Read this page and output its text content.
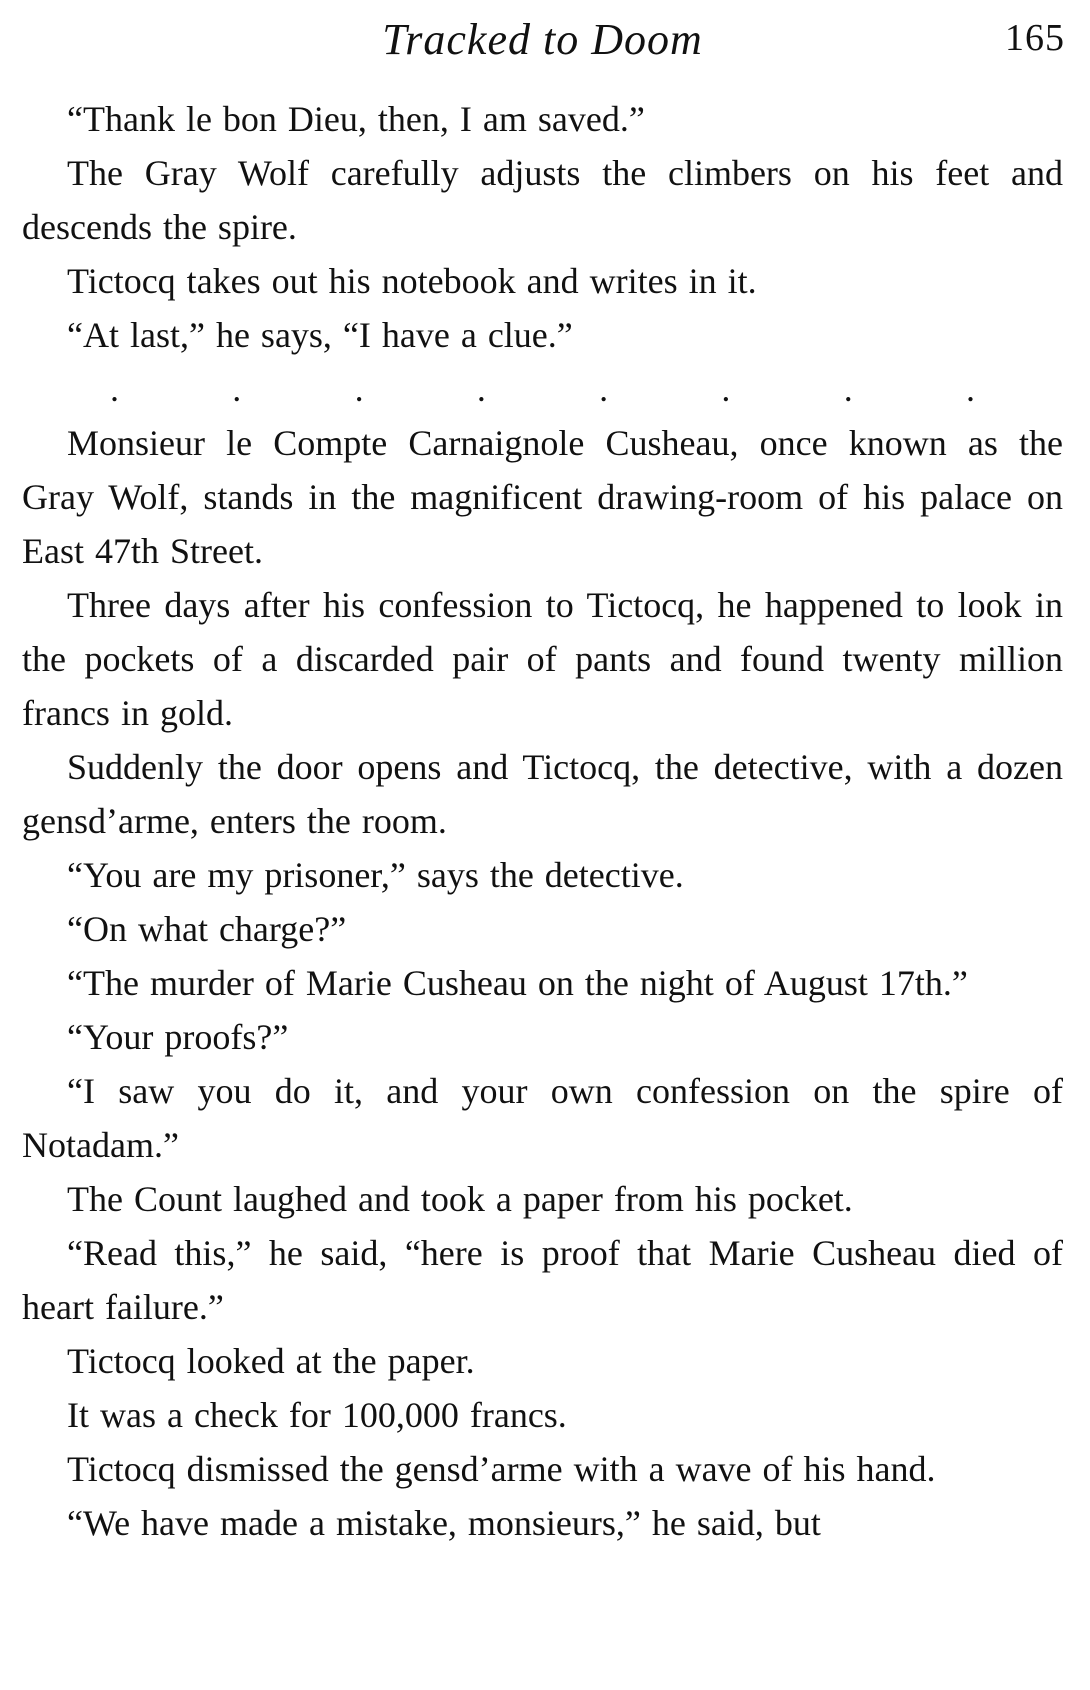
Tracked to Doom	165

“Thank le bon Dieu, then, I am saved.”

The Gray Wolf carefully adjusts the climbers on his feet and descends the spire.

Tictocq takes out his notebook and writes in it.

“At last,” he says, “I have a clue.”

.	.	.	.	.	.	.	.

Monsieur le Compte Carnaignole Cusheau, once known as the Gray Wolf, stands in the magnificent drawing-room of his palace on East 47th Street.

Three days after his confession to Tictocq, he happened to look in the pockets of a discarded pair of pants and found twenty million francs in gold.

Suddenly the door opens and Tictocq, the detective, with a dozen gensd’arme, enters the room.

“You are my prisoner,” says the detective.

“On what charge?”

“The murder of Marie Cusheau on the night of August 17th.”

“Your proofs?”

“I saw you do it, and your own confession on the spire of Notadam.”

The Count laughed and took a paper from his pocket.

“Read this,” he said, “here is proof that Marie Cusheau died of heart failure.”

Tictocq looked at the paper.

It was a check for 100,000 francs.

Tictocq dismissed the gensd’arme with a wave of his hand.

“We have made a mistake, monsieurs,” he said, but
